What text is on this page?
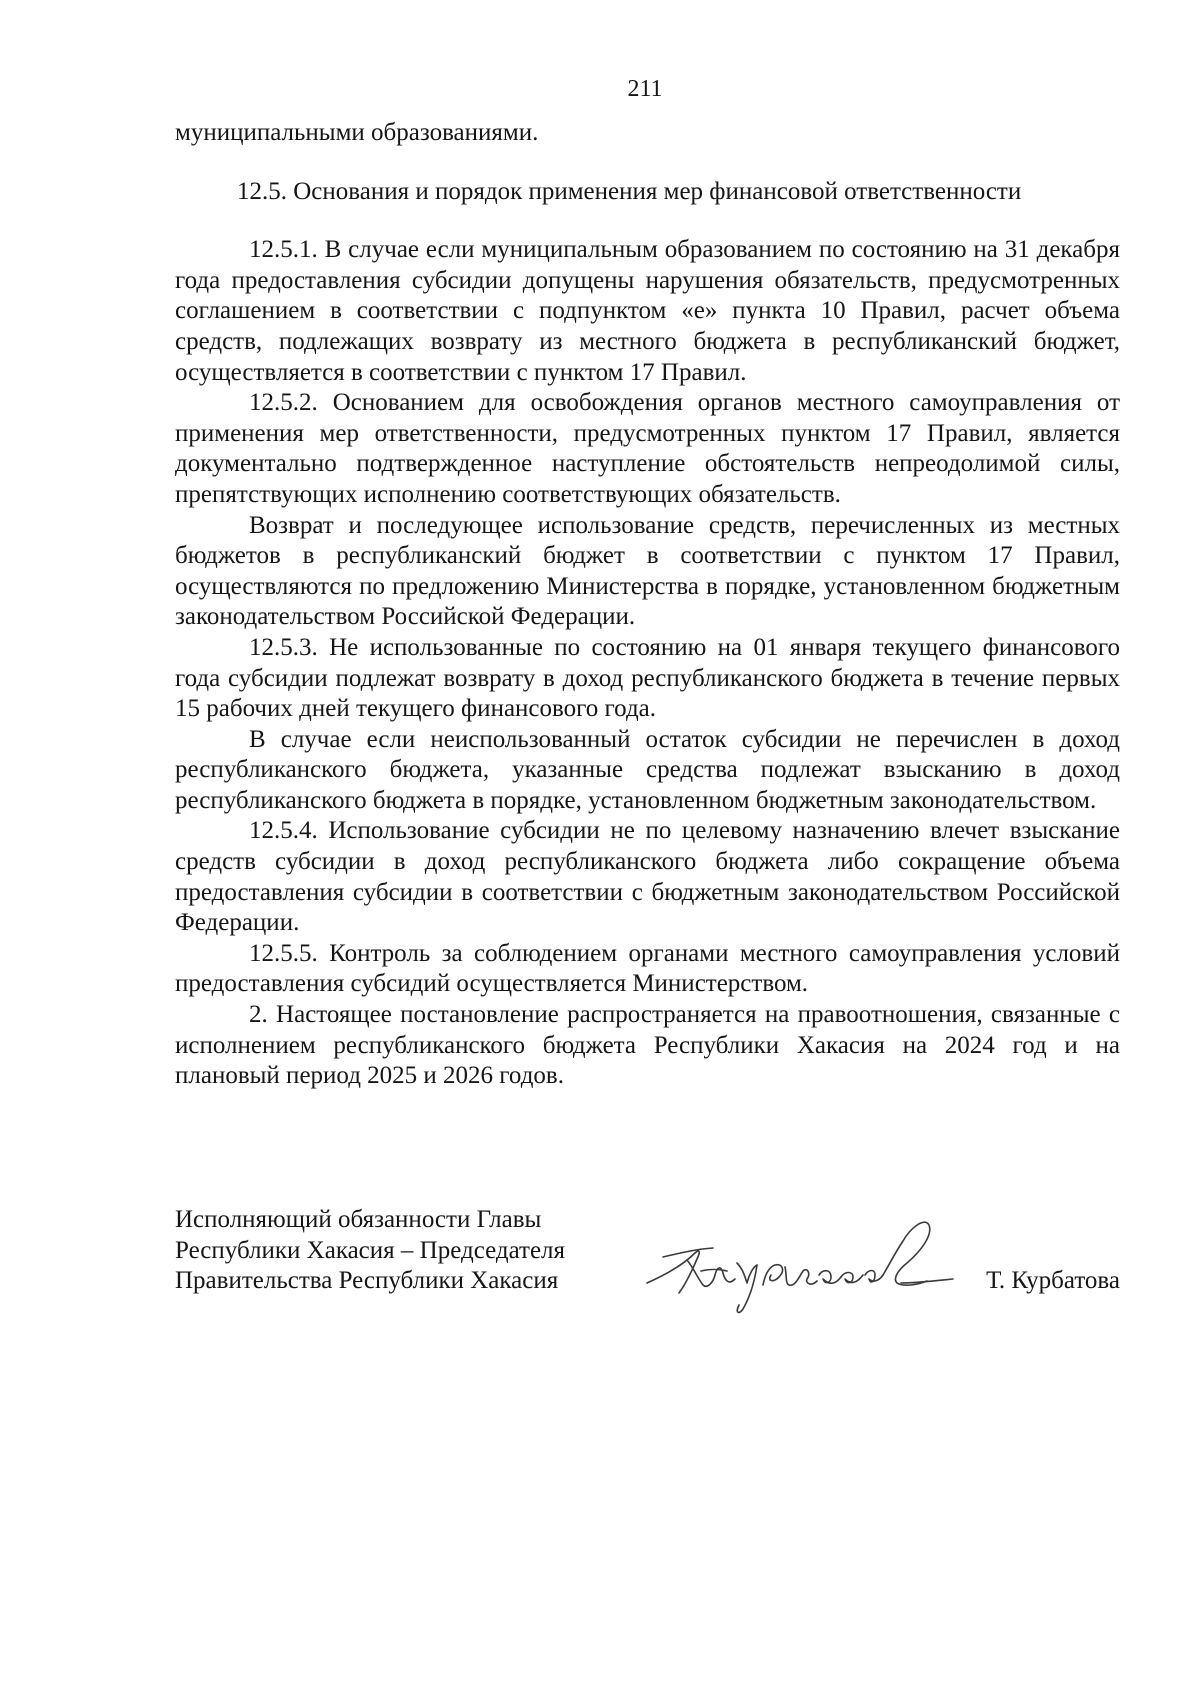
211

муниципальными образованиями.

12.5. Основания и порядок применения мер финансовой ответственности

12.5.1. В случае если муниципальным образованием по состоянию на 31 декабря года предоставления субсидии допущены нарушения обязательств, предусмотренных соглашением в соответствии с подпунктом «е» пункта 10 Правил, расчет объема средств, подлежащих возврату из местного бюджета в республиканский бюджет, осуществляется в соответствии с пунктом 17 Правил.

12.5.2. Основанием для освобождения органов местного самоуправления от применения мер ответственности, предусмотренных пунктом 17 Правил, является документально подтвержденное наступление обстоятельств непреодолимой силы, препятствующих исполнению соответствующих обязательств.

Возврат и последующее использование средств, перечисленных из местных бюджетов в республиканский бюджет в соответствии с пунктом 17 Правил, осуществляются по предложению Министерства в порядке, установленном бюджетным законодательством Российской Федерации.

12.5.3. Не использованные по состоянию на 01 января текущего финансового года субсидии подлежат возврату в доход республиканского бюджета в течение первых 15 рабочих дней текущего финансового года.

В случае если неиспользованный остаток субсидии не перечислен в доход республиканского бюджета, указанные средства подлежат взысканию в доход республиканского бюджета в порядке, установленном бюджетным законодательством.

12.5.4. Использование субсидии не по целевому назначению влечет взыскание средств субсидии в доход республиканского бюджета либо сокращение объема предоставления субсидии в соответствии с бюджетным законодательством Российской Федерации.

12.5.5. Контроль за соблюдением органами местного самоуправления условий предоставления субсидий осуществляется Министерством.

2. Настоящее постановление распространяется на правоотношения, связанные с исполнением республиканского бюджета Республики Хакасия на 2024 год и на плановый период 2025 и 2026 годов.

Исполняющий обязанности Главы
Республики Хакасия – Председателя
Правительства Республики Хакасия	Т. Курбатова
